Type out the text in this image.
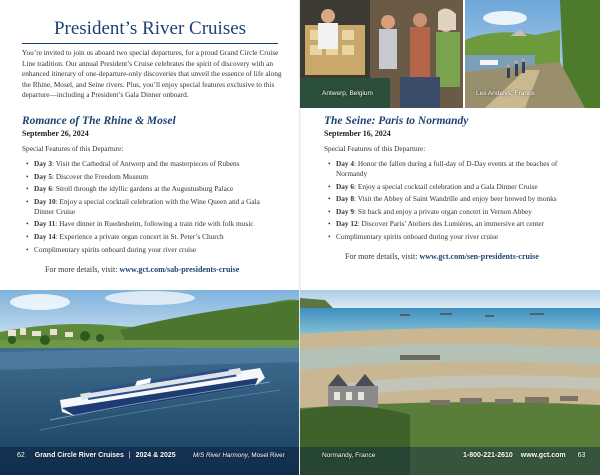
President’s River Cruises
You’re invited to join us aboard two special departures, for a proud Grand Circle Cruise Line tradition. Our annual President’s Cruise celebrates the spirit of discovery with an enhanced itinerary of one-departure-only discoveries that unveil the essence of life along the Rhine, Mosel, and Seine rivers. Plus, you’ll enjoy special features exclusive to this departure—including a President’s Gala Dinner onboard.
Romance of The Rhine & Mosel
September 26, 2024
Special Features of this Departure:
• Day 3: Visit the Cathedral of Antwerp and the masterpieces of Rubens
• Day 5: Discover the Freedom Museum
• Day 6: Stroll through the idyllic gardens at the Augustusburg Palace
• Day 10: Enjoy a special cocktail celebration with the Wine Queen and a Gala Dinner Cruise
• Day 11: Have dinner in Ruedesheim, following a train ride with folk music
• Day 14: Experience a private organ concert in St. Peter’s Church
• Complimentary spirits onboard during your river cruise
For more details, visit: www.gct.com/sab-presidents-cruise
62 Grand Circle River Cruises | 2024 & 2025	M/S River Harmony, Mosel River
Antwerp, Belgium	Les Andelys, France
The Seine: Paris to Normandy
September 16, 2024
Special Features of this Departure:
• Day 4: Honor the fallen during a full-day of D-Day events at the beaches of Normandy
• Day 6: Enjoy a special cocktail celebration and a Gala Dinner Cruise
• Day 8: Visit the Abbey of Saint Wandrille and enjoy beer brewed by monks
• Day 9: Sit back and enjoy a private organ concert in Vernon Abbey
• Day 12: Discover Paris’ Ateliers des Lumières, an immersive art center
• Complimentary spirits onboard during your river cruise
For more details, visit: www.gct.com/sen-presidents-cruise
Normandy, France	1-800-221-2610 www.gct.com 63
